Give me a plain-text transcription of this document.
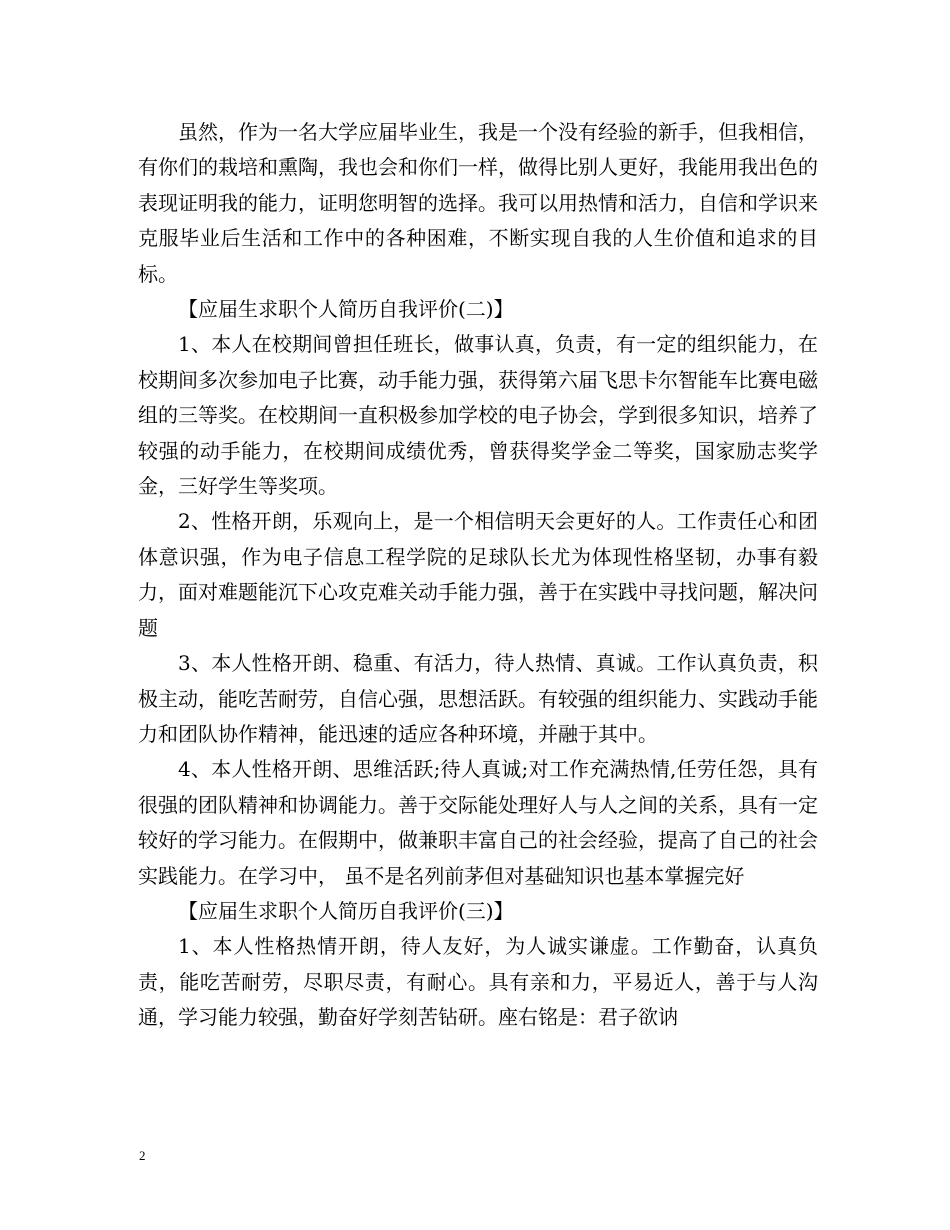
虽然，作为一名大学应届毕业生，我是一个没有经验的新手，但我相信，有你们的栽培和熏陶，我也会和你们一样，做得比别人更好，我能用我出色的表现证明我的能力，证明您明智的选择。我可以用热情和活力，自信和学识来克服毕业后生活和工作中的各种困难，不断实现自我的人生价值和追求的目标。

【应届生求职个人简历自我评价(二)】

1、本人在校期间曾担任班长，做事认真，负责，有一定的组织能力，在校期间多次参加电子比赛，动手能力强，获得第六届飞思卡尔智能车比赛电磁组的三等奖。在校期间一直积极参加学校的电子协会，学到很多知识，培养了较强的动手能力，在校期间成绩优秀，曾获得奖学金二等奖，国家励志奖学金，三好学生等奖项。

2、性格开朗，乐观向上，是一个相信明天会更好的人。工作责任心和团体意识强，作为电子信息工程学院的足球队长尤为体现性格坚韧，办事有毅力，面对难题能沉下心攻克难关动手能力强，善于在实践中寻找问题，解决问题

3、本人性格开朗、稳重、有活力，待人热情、真诚。工作认真负责，积极主动，能吃苦耐劳，自信心强，思想活跃。有较强的组织能力、实践动手能力和团队协作精神，能迅速的适应各种环境，并融于其中。

4、本人性格开朗、思维活跃;待人真诚;对工作充满热情,任劳任怨，具有很强的团队精神和协调能力。善于交际能处理好人与人之间的关系，具有一定较好的学习能力。在假期中，做兼职丰富自己的社会经验，提高了自己的社会实践能力。在学习中， 虽不是名列前茅但对基础知识也基本掌握完好

【应届生求职个人简历自我评价(三)】

1、本人性格热情开朗，待人友好，为人诚实谦虚。工作勤奋，认真负责，能吃苦耐劳，尽职尽责，有耐心。具有亲和力，平易近人，善于与人沟通，学习能力较强，勤奋好学刻苦钻研。座右铭是：君子欲讷

2
